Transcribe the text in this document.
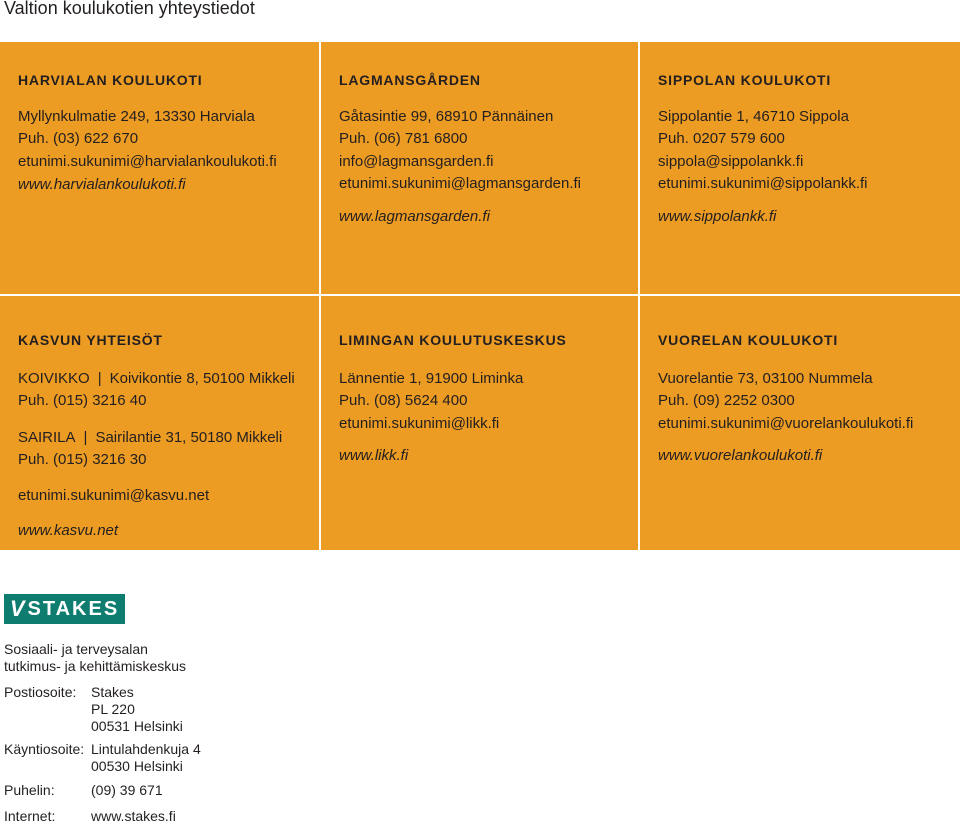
Valtion koulukotien yhteystiedot
HARVIALAN KOULUKOTI
Myllynkulmatie 249, 13330 Harviala
Puh. (03) 622 670
etunimi.sukunimi@harvialankoulukoti.fi
www.harvialankoulukoti.fi
LAGMANSGÅRDEN
Gåtasintie 99, 68910 Pännäinen
Puh. (06) 781 6800
info@lagmansgarden.fi
etunimi.sukunimi@lagmansgarden.fi
www.lagmansgarden.fi
SIPPOLAN KOULUKOTI
Sippolantie 1, 46710 Sippola
Puh. 0207 579 600
sippola@sippolankk.fi
etunimi.sukunimi@sippolankk.fi
www.sippolankk.fi
KASVUN YHTEISÖT
KOIVIKKO | Koivikontie 8, 50100 Mikkeli
Puh. (015) 3216 40
SAIRILA | Sairilantie 31, 50180 Mikkeli
Puh. (015) 3216 30
etunimi.sukunimi@kasvu.net
www.kasvu.net
LIMINGAN KOULUTUSKESKUS
Lännentie 1, 91900 Liminka
Puh. (08) 5624 400
etunimi.sukunimi@likk.fi
www.likk.fi
VUORELAN KOULUKOTI
Vuorelantie 73, 03100 Nummela
Puh. (09) 2252 0300
etunimi.sukunimi@vuorelankoulukoti.fi
www.vuorelankoulukoti.fi
V STAKES
Sosiaali- ja terveysalan
tutkimus- ja kehittämiskeskus
Postiosoite: Stakes
PL 220
00531 Helsinki
Käyntiosoite: Lintulahdenkuja 4
00530 Helsinki
Puhelin:	(09) 39 671
Internet:	www.stakes.fi
